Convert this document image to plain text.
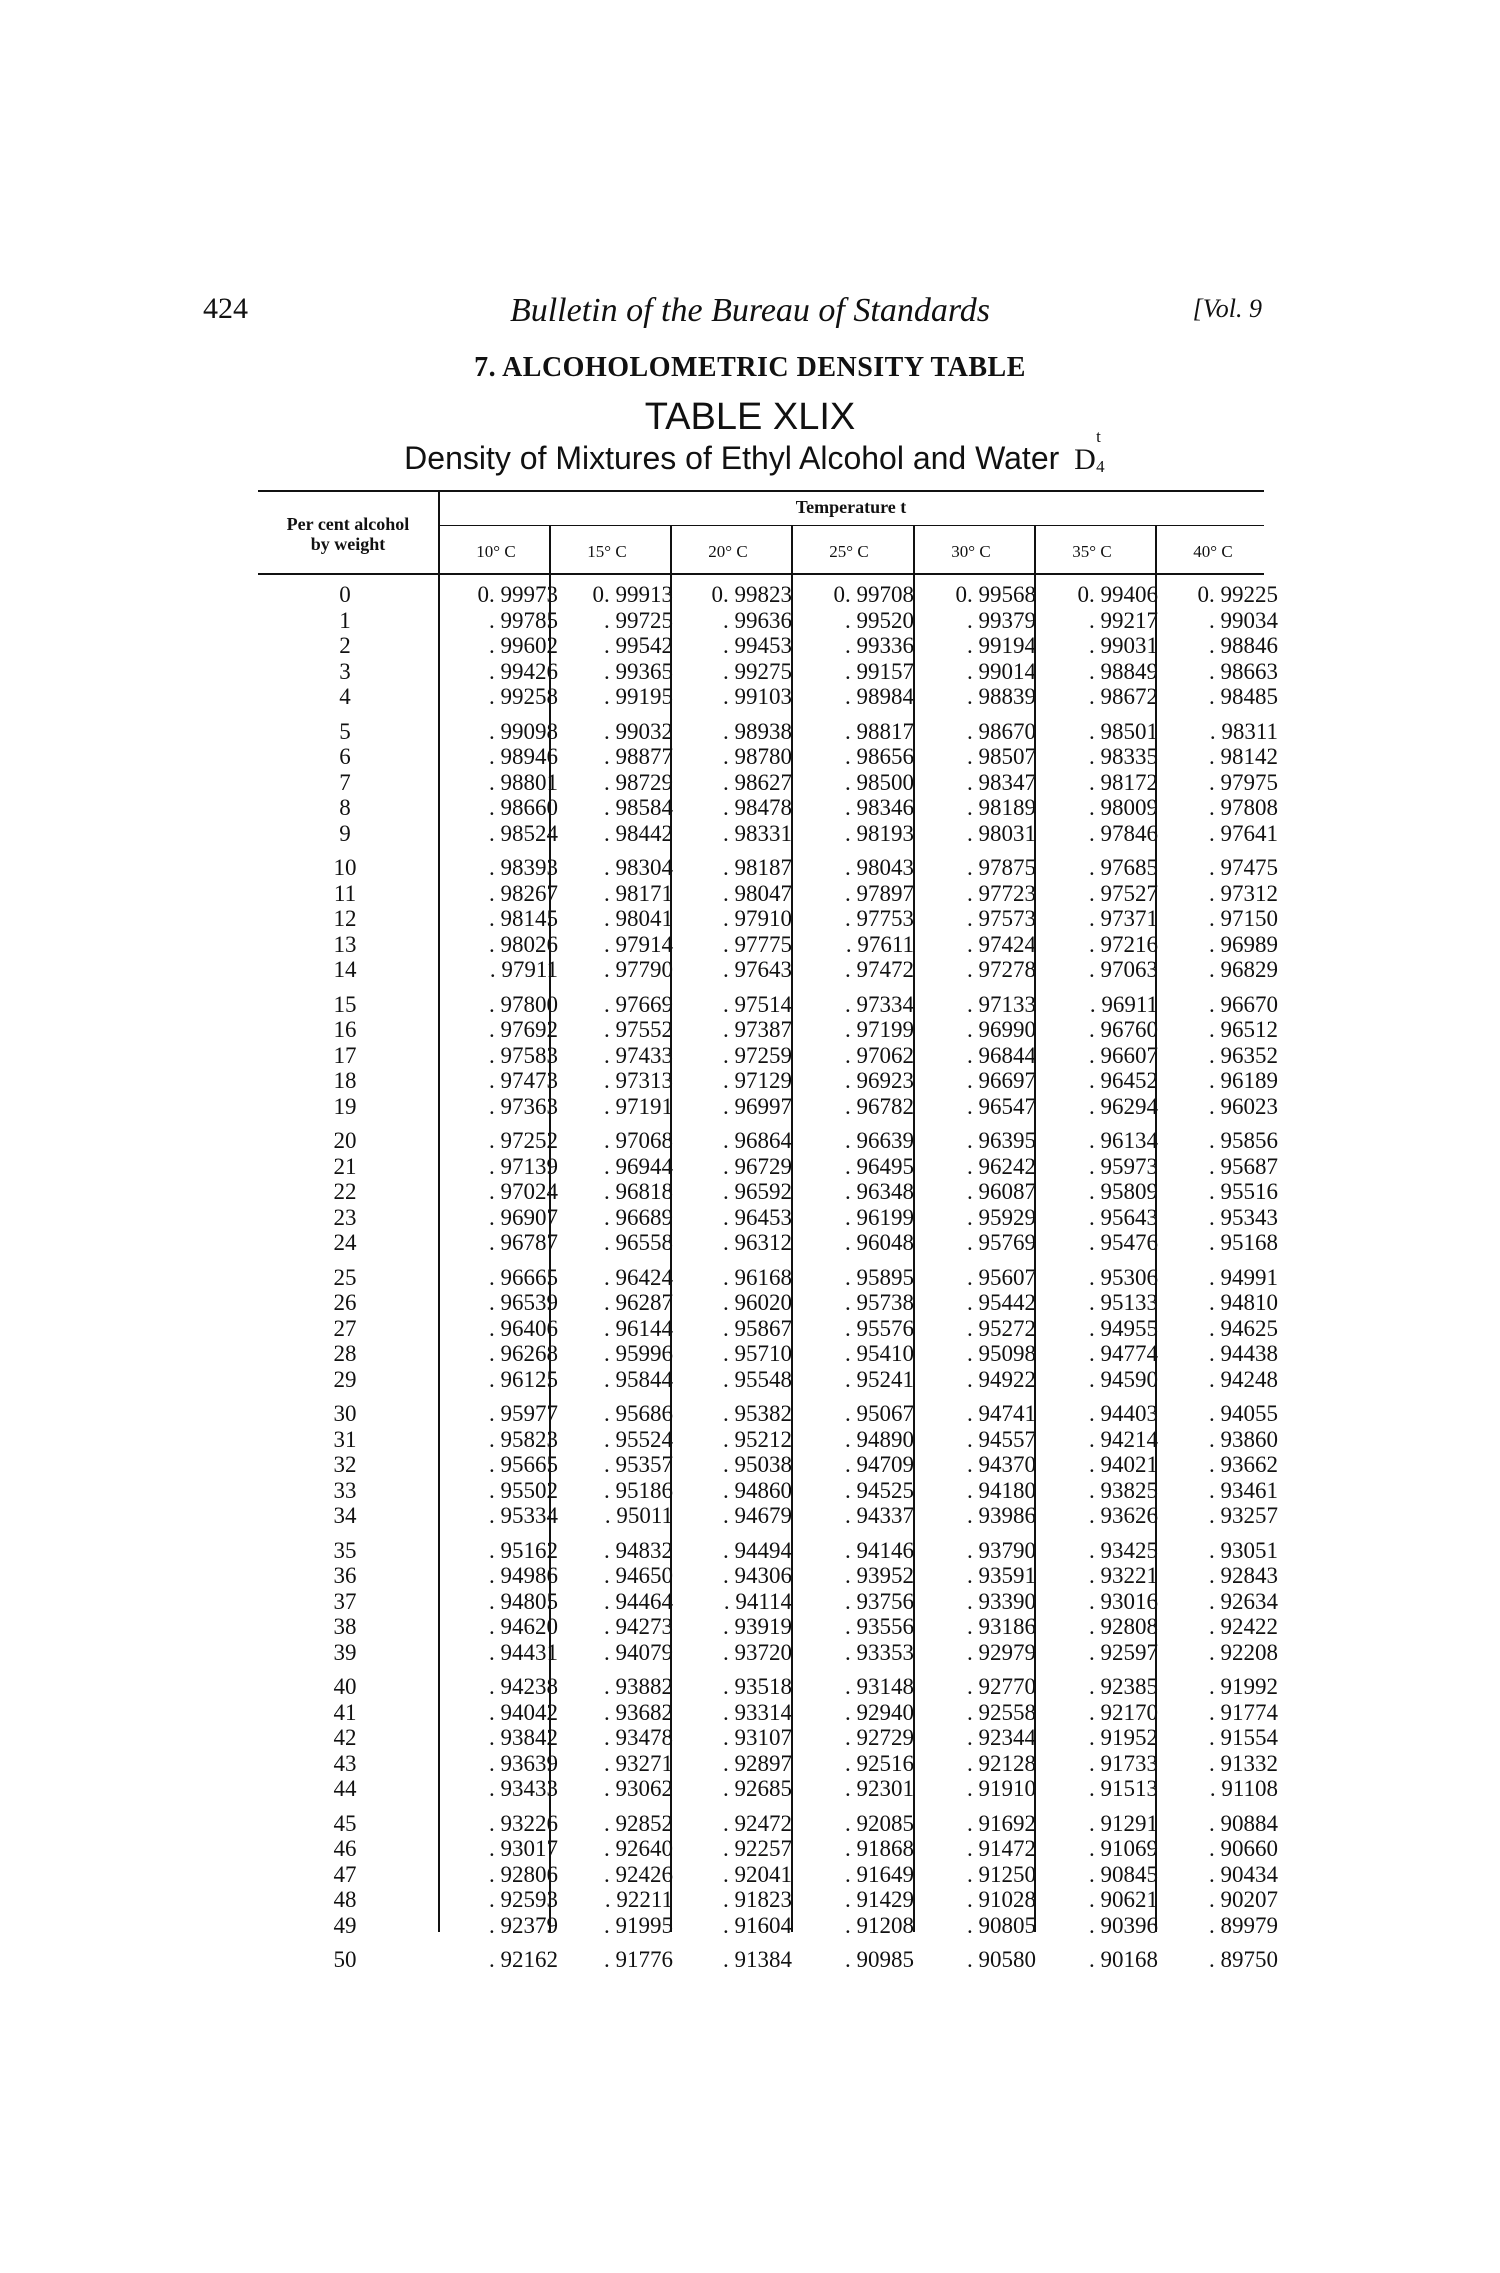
424	Bulletin of the Bureau of Standards	[Vol. 9
7. ALCOHOLOMETRIC DENSITY TABLE
TABLE XLIX
Density of Mixtures of Ethyl Alcohol and Water D
t
4
Per cent alcohol
by weight
Temperature t
10° C	15° C	20° C	25° C	30° C	35° C	40° C
0	0. 99973	0. 99913	0. 99823	0. 99708	0. 99568	0. 99406	0. 99225
1	. 99785	. 99725	. 99636	. 99520	. 99379	. 99217	. 99034
2	. 99602	. 99542	. 99453	. 99336	. 99194	. 99031	. 98846
3	. 99426	. 99365	. 99275	. 99157	. 99014	. 98849	. 98663
4	. 99258	. 99195	. 99103	. 98984	. 98839	. 98672	. 98485
5	. 99098	. 99032	. 98938	. 98817	. 98670	. 98501	. 98311
6	. 98946	. 98877	. 98780	. 98656	. 98507	. 98335	. 98142
7	. 98801	. 98729	. 98627	. 98500	. 98347	. 98172	. 97975
8	. 98660	. 98584	. 98478	. 98346	. 98189	. 98009	. 97808
9	. 98524	. 98442	. 98331	. 98193	. 98031	. 97846	. 97641
10	. 98393	. 98304	. 98187	. 98043	. 97875	. 97685	. 97475
11	. 98267	. 98171	. 98047	. 97897	. 97723	. 97527	. 97312
12	. 98145	. 98041	. 97910	. 97753	. 97573	. 97371	. 97150
13	. 98026	. 97914	. 97775	. 97611	. 97424	. 97216	. 96989
14	. 97911	. 97790	. 97643	. 97472	. 97278	. 97063	. 96829
15	. 97800	. 97669	. 97514	. 97334	. 97133	. 96911	. 96670
16	. 97692	. 97552	. 97387	. 97199	. 96990	. 96760	. 96512
17	. 97583	. 97433	. 97259	. 97062	. 96844	. 96607	. 96352
18	. 97473	. 97313	. 97129	. 96923	. 96697	. 96452	. 96189
19	. 97363	. 97191	. 96997	. 96782	. 96547	. 96294	. 96023
20	. 97252	. 97068	. 96864	. 96639	. 96395	. 96134	. 95856
21	. 97139	. 96944	. 96729	. 96495	. 96242	. 95973	. 95687
22	. 97024	. 96818	. 96592	. 96348	. 96087	. 95809	. 95516
23	. 96907	. 96689	. 96453	. 96199	. 95929	. 95643	. 95343
24	. 96787	. 96558	. 96312	. 96048	. 95769	. 95476	. 95168
25	. 96665	. 96424	. 96168	. 95895	. 95607	. 95306	. 94991
26	. 96539	. 96287	. 96020	. 95738	. 95442	. 95133	. 94810
27	. 96406	. 96144	. 95867	. 95576	. 95272	. 94955	. 94625
28	. 96268	. 95996	. 95710	. 95410	. 95098	. 94774	. 94438
29	. 96125	. 95844	. 95548	. 95241	. 94922	. 94590	. 94248
30	. 95977	. 95686	. 95382	. 95067	. 94741	. 94403	. 94055
31	. 95823	. 95524	. 95212	. 94890	. 94557	. 94214	. 93860
32	. 95665	. 95357	. 95038	. 94709	. 94370	. 94021	. 93662
33	. 95502	. 95186	. 94860	. 94525	. 94180	. 93825	. 93461
34	. 95334	. 95011	. 94679	. 94337	. 93986	. 93626	. 93257
35	. 95162	. 94832	. 94494	. 94146	. 93790	. 93425	. 93051
36	. 94986	. 94650	. 94306	. 93952	. 93591	. 93221	. 92843
37	. 94805	. 94464	. 94114	. 93756	. 93390	. 93016	. 92634
38	. 94620	. 94273	. 93919	. 93556	. 93186	. 92808	. 92422
39	. 94431	. 94079	. 93720	. 93353	. 92979	. 92597	. 92208
40	. 94238	. 93882	. 93518	. 93148	. 92770	. 92385	. 91992
41	. 94042	. 93682	. 93314	. 92940	. 92558	. 92170	. 91774
42	. 93842	. 93478	. 93107	. 92729	. 92344	. 91952	. 91554
43	. 93639	. 93271	. 92897	. 92516	. 92128	. 91733	. 91332
44	. 93433	. 93062	. 92685	. 92301	. 91910	. 91513	. 91108
45	. 93226	. 92852	. 92472	. 92085	. 91692	. 91291	. 90884
46	. 93017	. 92640	. 92257	. 91868	. 91472	. 91069	. 90660
47	. 92806	. 92426	. 92041	. 91649	. 91250	. 90845	. 90434
48	. 92593	. 92211	. 91823	. 91429	. 91028	. 90621	. 90207
49	. 92379	. 91995	. 91604	. 91208	. 90805	. 90396	. 89979
50	. 92162	. 91776	. 91384	. 90985	. 90580	. 90168	. 89750
